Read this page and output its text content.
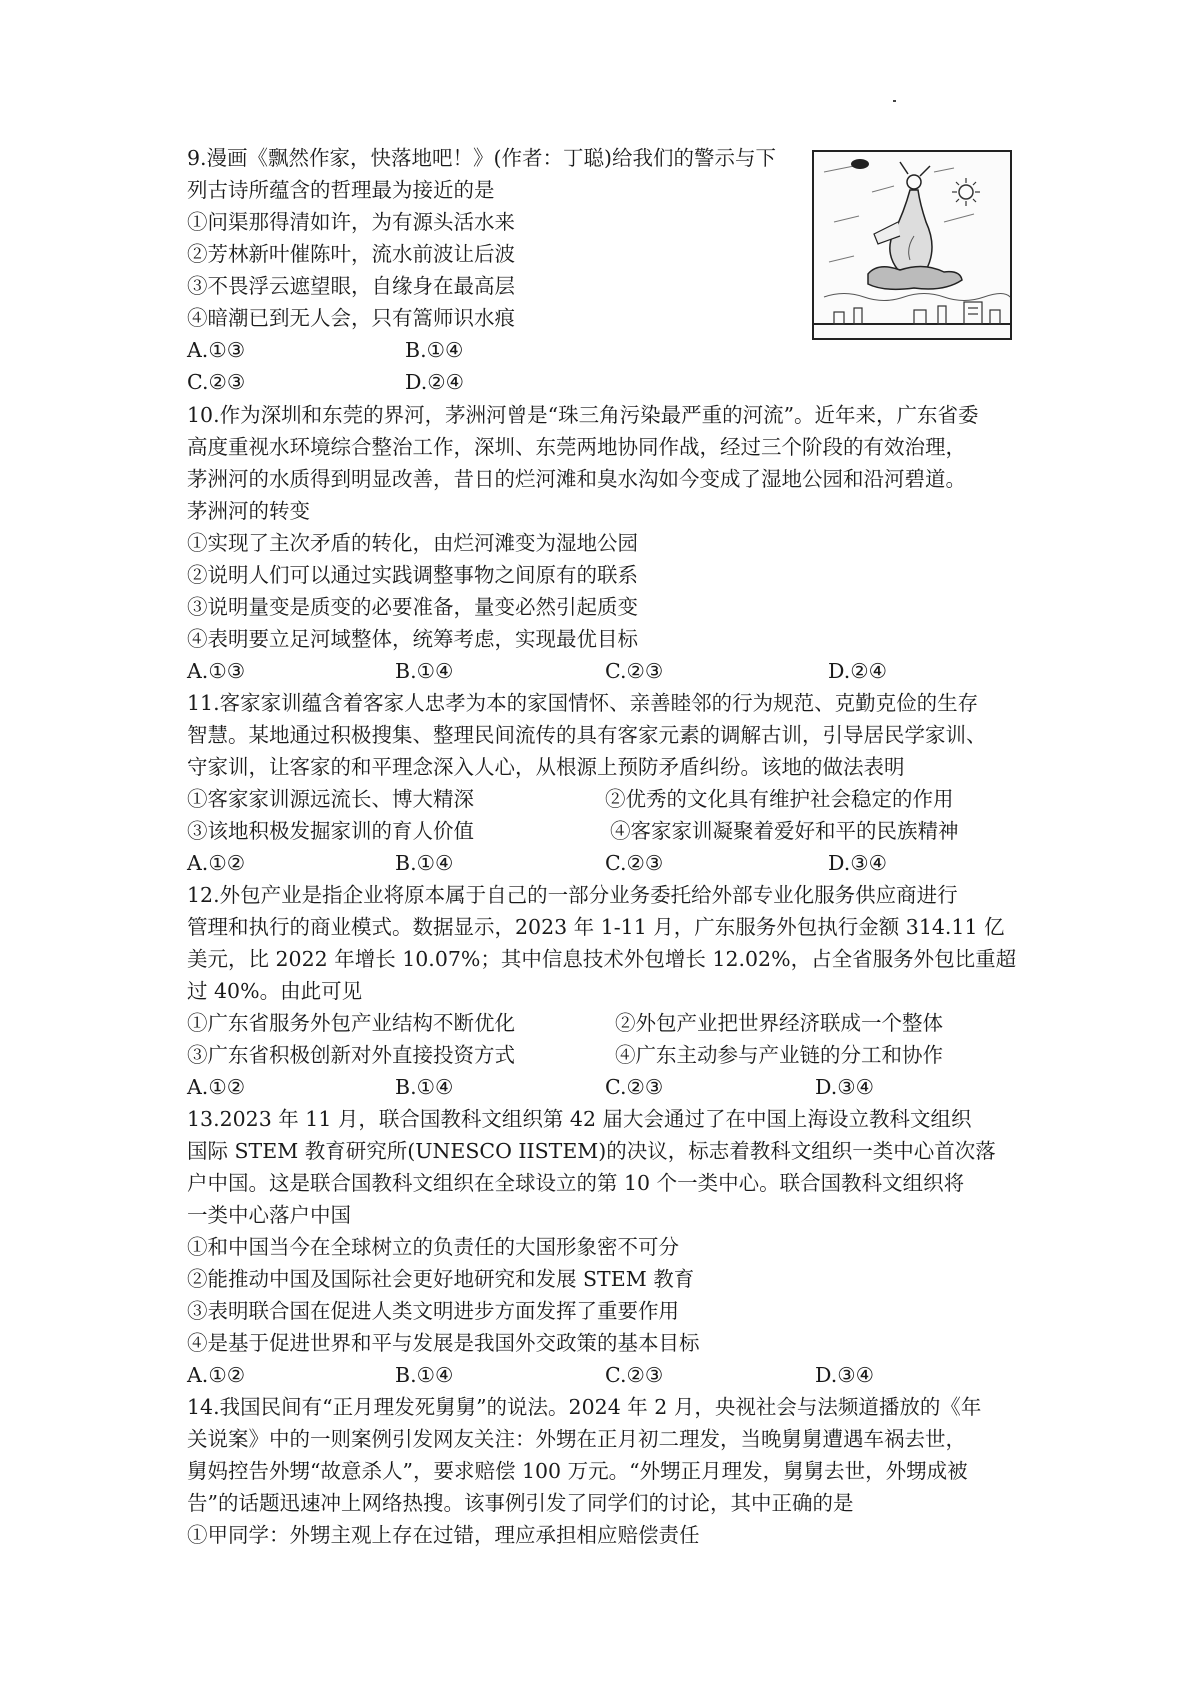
9.漫画《飘然作家，快落地吧！》(作者：丁聪)给我们的警示与下
列古诗所蕴含的哲理最为接近的是
①问渠那得清如许，为有源头活水来
②芳林新叶催陈叶，流水前波让后波
③不畏浮云遮望眼，自缘身在最高层
④暗潮已到无人会，只有篙师识水痕
A.①③	B.①④
C.②③	D.②④
10.作为深圳和东莞的界河，茅洲河曾是“珠三角污染最严重的河流”。近年来，广东省委
高度重视水环境综合整治工作，深圳、东莞两地协同作战，经过三个阶段的有效治理，
茅洲河的水质得到明显改善，昔日的烂河滩和臭水沟如今变成了湿地公园和沿河碧道。
茅洲河的转变
①实现了主次矛盾的转化，由烂河滩变为湿地公园
②说明人们可以通过实践调整事物之间原有的联系
③说明量变是质变的必要准备，量变必然引起质变
④表明要立足河域整体，统筹考虑，实现最优目标
A.①③	B.①④	C.②③	D.②④
11.客家家训蕴含着客家人忠孝为本的家国情怀、亲善睦邻的行为规范、克勤克俭的生存
智慧。某地通过积极搜集、整理民间流传的具有客家元素的调解古训，引导居民学家训、
守家训，让客家的和平理念深入人心，从根源上预防矛盾纠纷。该地的做法表明
①客家家训源远流长、博大精深	②优秀的文化具有维护社会稳定的作用
③该地积极发掘家训的育人价值	④客家家训凝聚着爱好和平的民族精神
A.①②	B.①④	C.②③	D.③④
12.外包产业是指企业将原本属于自己的一部分业务委托给外部专业化服务供应商进行
管理和执行的商业模式。数据显示，2023 年 1-11 月，广东服务外包执行金额 314.11 亿
美元，比 2022 年增长 10.07%；其中信息技术外包增长 12.02%，占全省服务外包比重超
过 40%。由此可见
①广东省服务外包产业结构不断优化	②外包产业把世界经济联成一个整体
③广东省积极创新对外直接投资方式	④广东主动参与产业链的分工和协作
A.①②	B.①④	C.②③	D.③④
13.2023 年 11 月，联合国教科文组织第 42 届大会通过了在中国上海设立教科文组织
国际 STEM 教育研究所(UNESCO IISTEM)的决议，标志着教科文组织一类中心首次落
户中国。这是联合国教科文组织在全球设立的第 10 个一类中心。联合国教科文组织将
一类中心落户中国
①和中国当今在全球树立的负责任的大国形象密不可分
②能推动中国及国际社会更好地研究和发展 STEM 教育
③表明联合国在促进人类文明进步方面发挥了重要作用
④是基于促进世界和平与发展是我国外交政策的基本目标
A.①②	B.①④	C.②③	D.③④
14.我国民间有“正月理发死舅舅”的说法。2024 年 2 月，央视社会与法频道播放的《年
关说案》中的一则案例引发网友关注：外甥在正月初二理发，当晚舅舅遭遇车祸去世，
舅妈控告外甥“故意杀人”，要求赔偿 100 万元。“外甥正月理发，舅舅去世，外甥成被
告”的话题迅速冲上网络热搜。该事例引发了同学们的讨论，其中正确的是
①甲同学：外甥主观上存在过错，理应承担相应赔偿责任
